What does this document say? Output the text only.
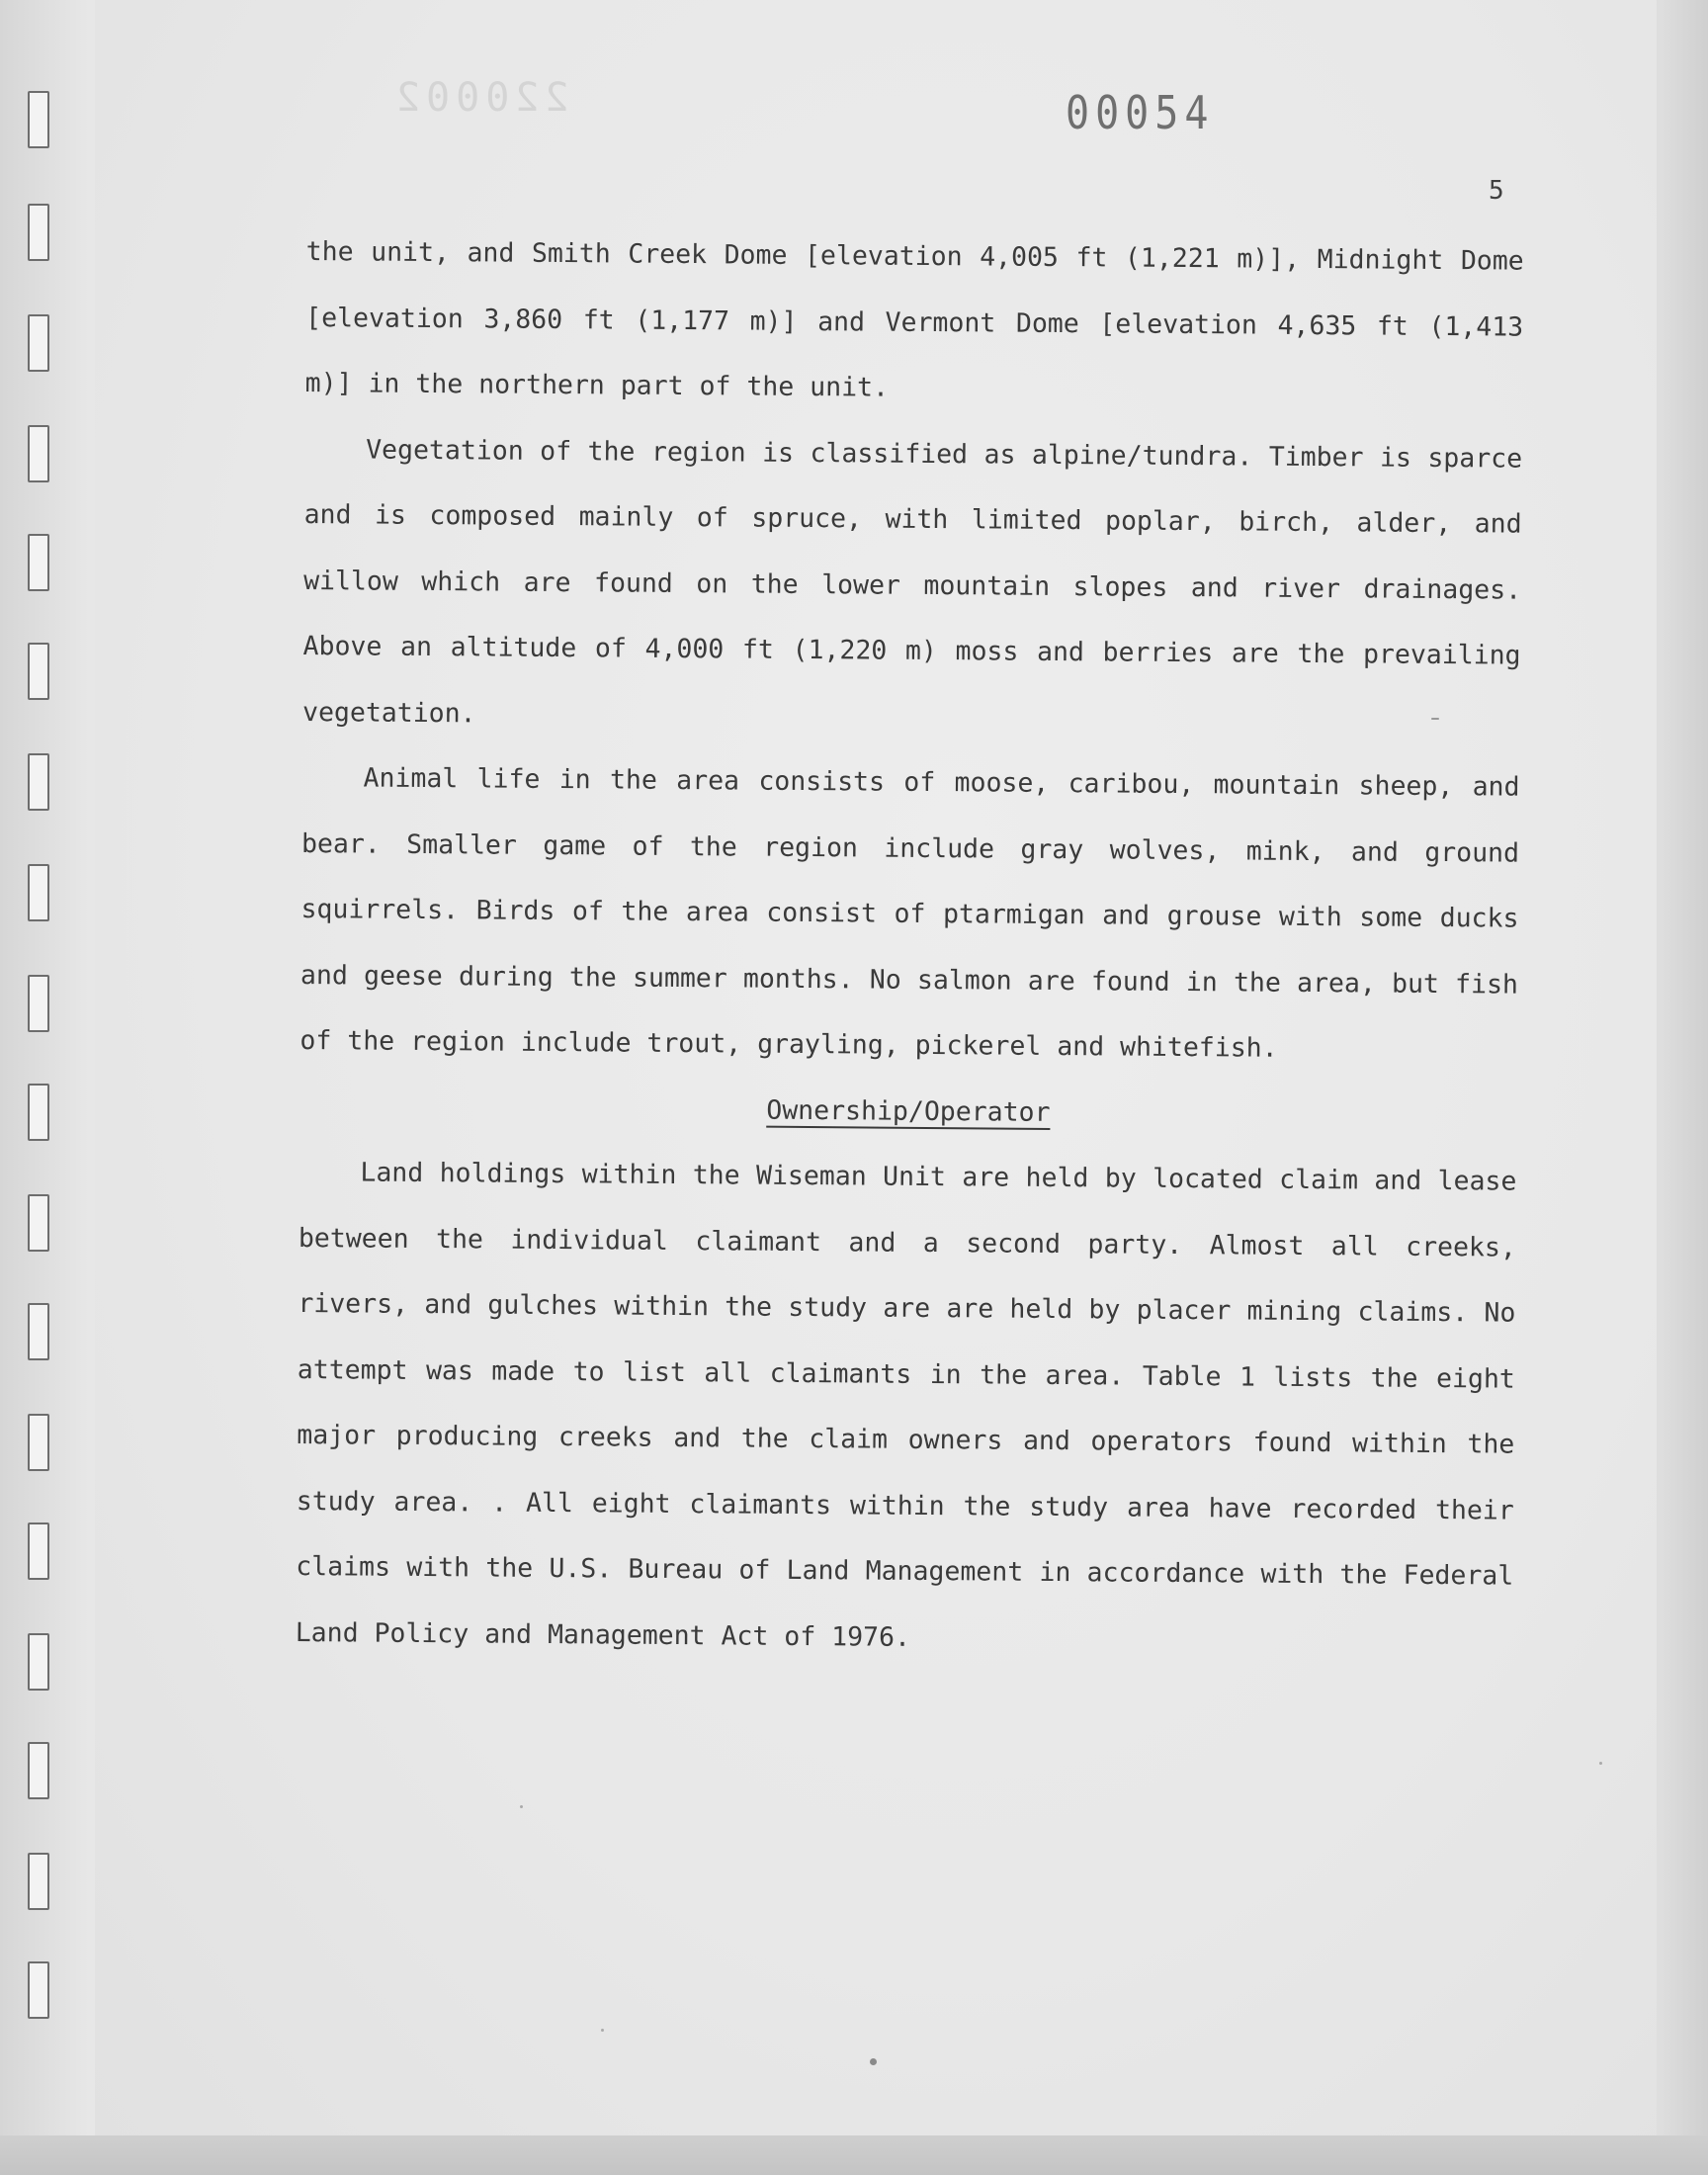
220002	‍00054
5

the unit, and Smith Creek Dome [elevation 4,005 ft (1,221 m)], Midnight Dome [elevation 3,860 ft (1,177 m)] and Vermont Dome [elevation 4,635 ft (1,413 m)] in the northern part of the unit.

Vegetation of the region is classified as alpine/tundra. Timber is sparce and is composed mainly of spruce, with limited poplar, birch, alder, and willow which are found on the lower mountain slopes and river drainages. Above an altitude of 4,000 ft (1,220 m) moss and berries are the prevailing vegetation.

Animal life in the area consists of moose, caribou, mountain sheep, and bear. Smaller game of the region include gray wolves, mink, and ground squirrels. Birds of the area consist of ptarmigan and grouse with some ducks and geese during the summer months. No salmon are found in the area, but fish of the region include trout, grayling, pickerel and whitefish.

Ownership/Operator

Land holdings within the Wiseman Unit are held by located claim and lease between the individual claimant and a second party. Almost all creeks, rivers, and gulches within the study are are held by placer mining claims. No attempt was made to list all claimants in the area. Table 1 lists the eight major producing creeks and the claim owners and operators found within the study area. . All eight claimants within the study area have recorded their claims with the U.S. Bureau of Land Management in accordance with the Federal Land Policy and Management Act of 1976.
